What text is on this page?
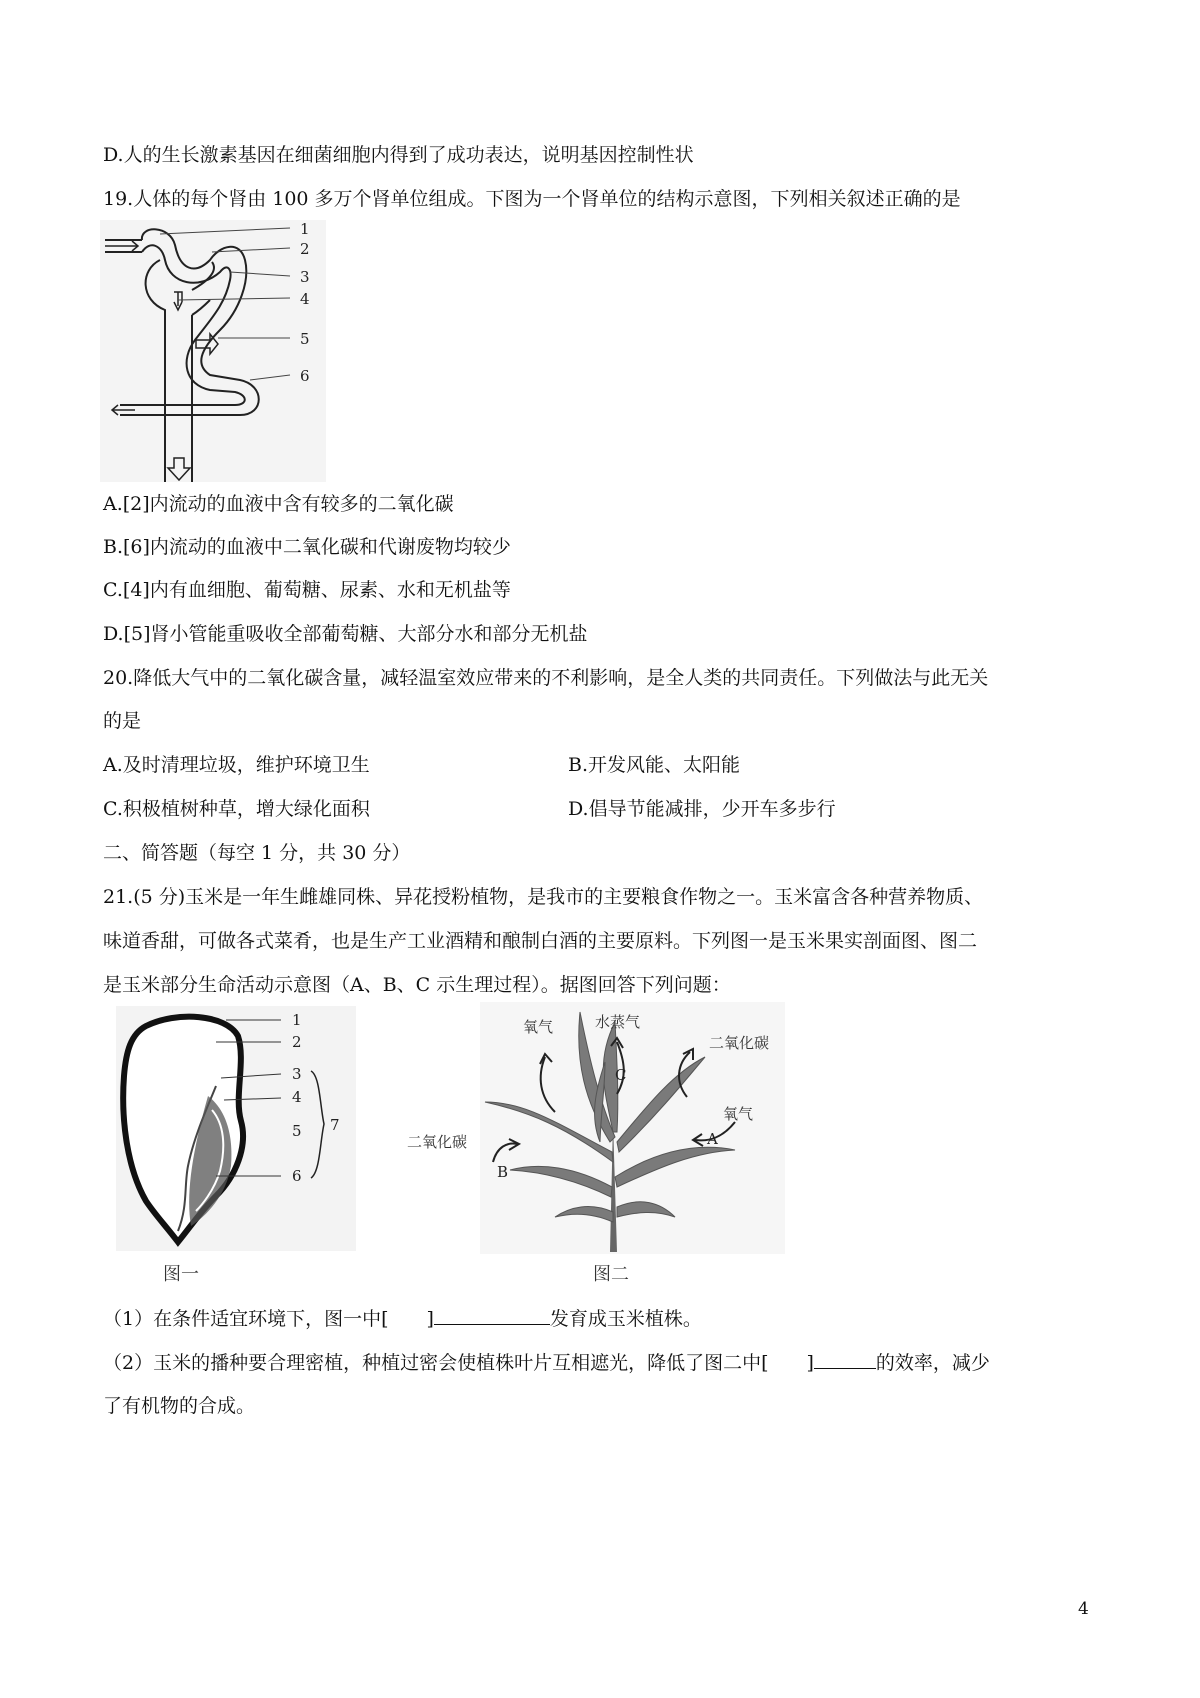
D.人的生长激素基因在细菌细胞内得到了成功表达，说明基因控制性状
19.人体的每个肾由 100 多万个肾单位组成。下图为一个肾单位的结构示意图，下列相关叙述正确的是
1
2
3
4
5
6
A.[2]内流动的血液中含有较多的二氧化碳
B.[6]内流动的血液中二氧化碳和代谢废物均较少
C.[4]内有血细胞、葡萄糖、尿素、水和无机盐等
D.[5]肾小管能重吸收全部葡萄糖、大部分水和部分无机盐
20.降低大气中的二氧化碳含量，减轻温室效应带来的不利影响，是全人类的共同责任。下列做法与此无关
的是
A.及时清理垃圾，维护环境卫生	B.开发风能、太阳能
C.积极植树种草，增大绿化面积	D.倡导节能减排，少开车多步行
二、简答题（每空 1 分，共 30 分）
21.(5 分)玉米是一年生雌雄同株、异花授粉植物，是我市的主要粮食作物之一。玉米富含各种营养物质、
味道香甜，可做各式菜肴，也是生产工业酒精和酿制白酒的主要原料。下列图一是玉米果实剖面图、图二
是玉米部分生命活动示意图（A、B、C 示生理过程）。据图回答下列问题：
1
2
3
4
5
6
7
图一
氧气	水蒸气
二氧化碳
氧气
二氧化碳	A
B
C
图二
（1）在条件适宜环境下，图一中[　　]	发育成玉米植株。
（2）玉米的播种要合理密植，种植过密会使植株叶片互相遮光，降低了图二中[　　]	的效率，减少
了有机物的合成。
4
